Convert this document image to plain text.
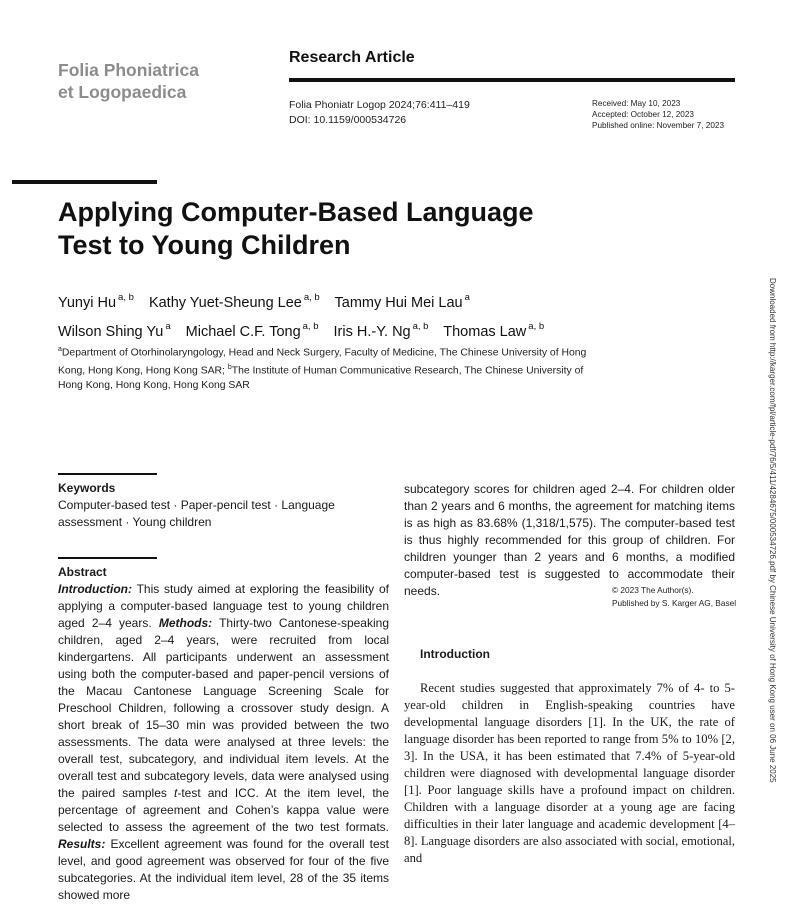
Folia Phoniatrica
et Logopaedica
Research Article
Folia Phoniatr Logop 2024;76:411–419
DOI: 10.1159/000534726
Received: May 10, 2023
Accepted: October 12, 2023
Published online: November 7, 2023
Applying Computer-Based Language
Test to Young Children
Yunyi Hu $^{a, b}$ Kathy Yuet-Sheung Lee $^{a, b}$ Tammy Hui Mei Lau $^a$
Wilson Shing Yu $^a$ Michael C.F. Tong $^{a, b}$ Iris H.-Y. Ng $^{a, b}$ Thomas Law $^{a, b}$
$^a$Department of Otorhinolaryngology, Head and Neck Surgery, Faculty of Medicine, The Chinese University of Hong Kong, Hong Kong, Hong Kong SAR; $^b$The Institute of Human Communicative Research, The Chinese University of Hong Kong, Hong Kong, Hong Kong SAR
Keywords
Computer-based test · Paper-pencil test · Language assessment · Young children
Abstract
Introduction: This study aimed at exploring the feasibility of applying a computer-based language test to young children aged 2–4 years. Methods: Thirty-two Cantonese-speaking children, aged 2–4 years, were recruited from local kindergartens. All participants underwent an assessment using both the computer-based and paper-pencil versions of the Macau Cantonese Language Screening Scale for Preschool Children, following a crossover study design. A short break of 15–30 min was provided between the two assessments. The data were analysed at three levels: the overall test, subcategory, and individual item levels. At the overall test and subcategory levels, data were analysed using the paired samples t-test and ICC. At the item level, the percentage of agreement and Cohen’s kappa value were selected to assess the agreement of the two test formats. Results: Excellent agreement was found for the overall test level, and good agreement was observed for four of the five subcategories. At the individual item level, 28 of the 35 items showed more
subcategory scores for children aged 2–4. For children older than 2 years and 6 months, the agreement for matching items is as high as 83.68% (1,318/1,575). The computer-based test is thus highly recommended for this group of children. For children younger than 2 years and 6 months, a modified computer-based test is suggested to accommodate their needs.	© 2023 The Author(s).
Published by S. Karger AG, Basel
Introduction
Recent studies suggested that approximately 7% of 4- to 5-year-old children in English-speaking countries have developmental language disorders [1]. In the UK, the rate of language disorder has been reported to range from 5% to 10% [2, 3]. In the USA, it has been estimated that 7.4% of 5-year-old children were diagnosed with developmental language disorder [1]. Poor language skills have a profound impact on children. Children with a language disorder at a young age are facing difficulties in their later language and academic development [4–8]. Language disorders are also associated with social, emotional, and
Downloaded from http://karger.com/fpl/article-pdf/76/5/411/4284675/000534726.pdf by Chinese University of Hong Kong user on 06 June 2025
